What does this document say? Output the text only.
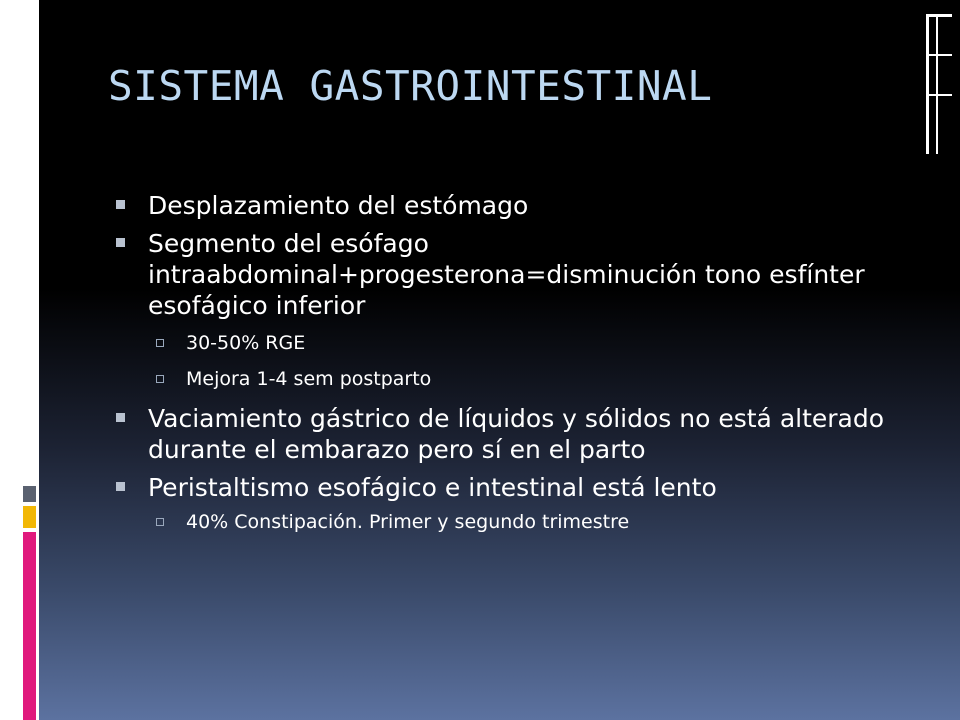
SISTEMA GASTROINTESTINAL
Desplazamiento del estómago
Segmento del esófago intraabdominal+progesterona=disminución tono esfínter esofágico inferior
30-50% RGE
Mejora 1-4 sem postparto
Vaciamiento gástrico de líquidos y sólidos no está alterado durante el embarazo pero sí en el parto
Peristaltismo esofágico e intestinal está lento
40% Constipación. Primer y segundo trimestre
